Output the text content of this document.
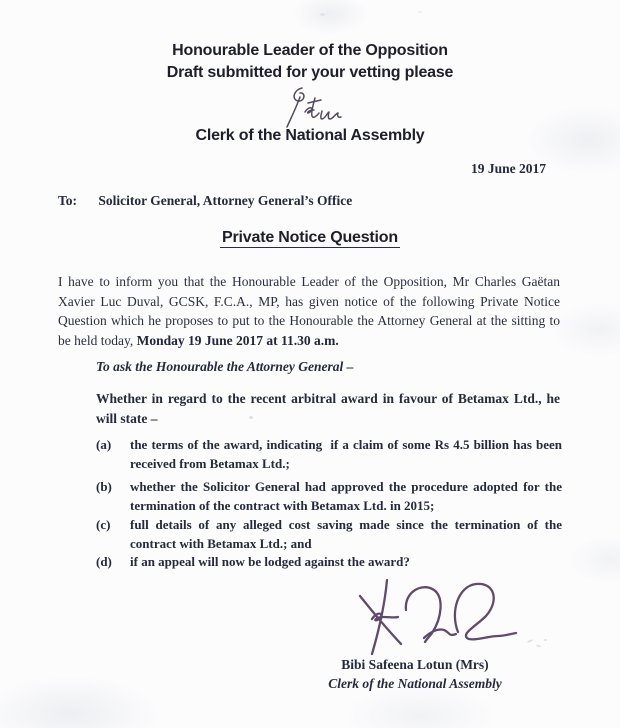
Honourable Leader of the Opposition
Draft submitted for your vetting please
Clerk of the National Assembly
19 June 2017
To: Solicitor General, Attorney General’s Office
Private Notice Question

I have to inform you that the Honourable Leader of the Opposition, Mr Charles Gaëtan Xavier Luc Duval, GCSK, F.C.A., MP, has given notice of the following Private Notice Question which he proposes to put to the Honourable the Attorney General at the sitting to be held today, Monday 19 June 2017 at 11.30 a.m.

To ask the Honourable the Attorney General –
Whether in regard to the recent arbitral award in favour of Betamax Ltd., he will state –
(a) the terms of the award, indicating  if a claim of some Rs 4.5 billion has been received from Betamax Ltd.;
(b) whether the Solicitor General had approved the procedure adopted for the termination of the contract with Betamax Ltd. in 2015;
(c) full details of any alleged cost saving made since the termination of the contract with Betamax Ltd.; and
(d) if an appeal will now be lodged against the award?
Bibi Safeena Lotun (Mrs)
Clerk of the National Assembly
